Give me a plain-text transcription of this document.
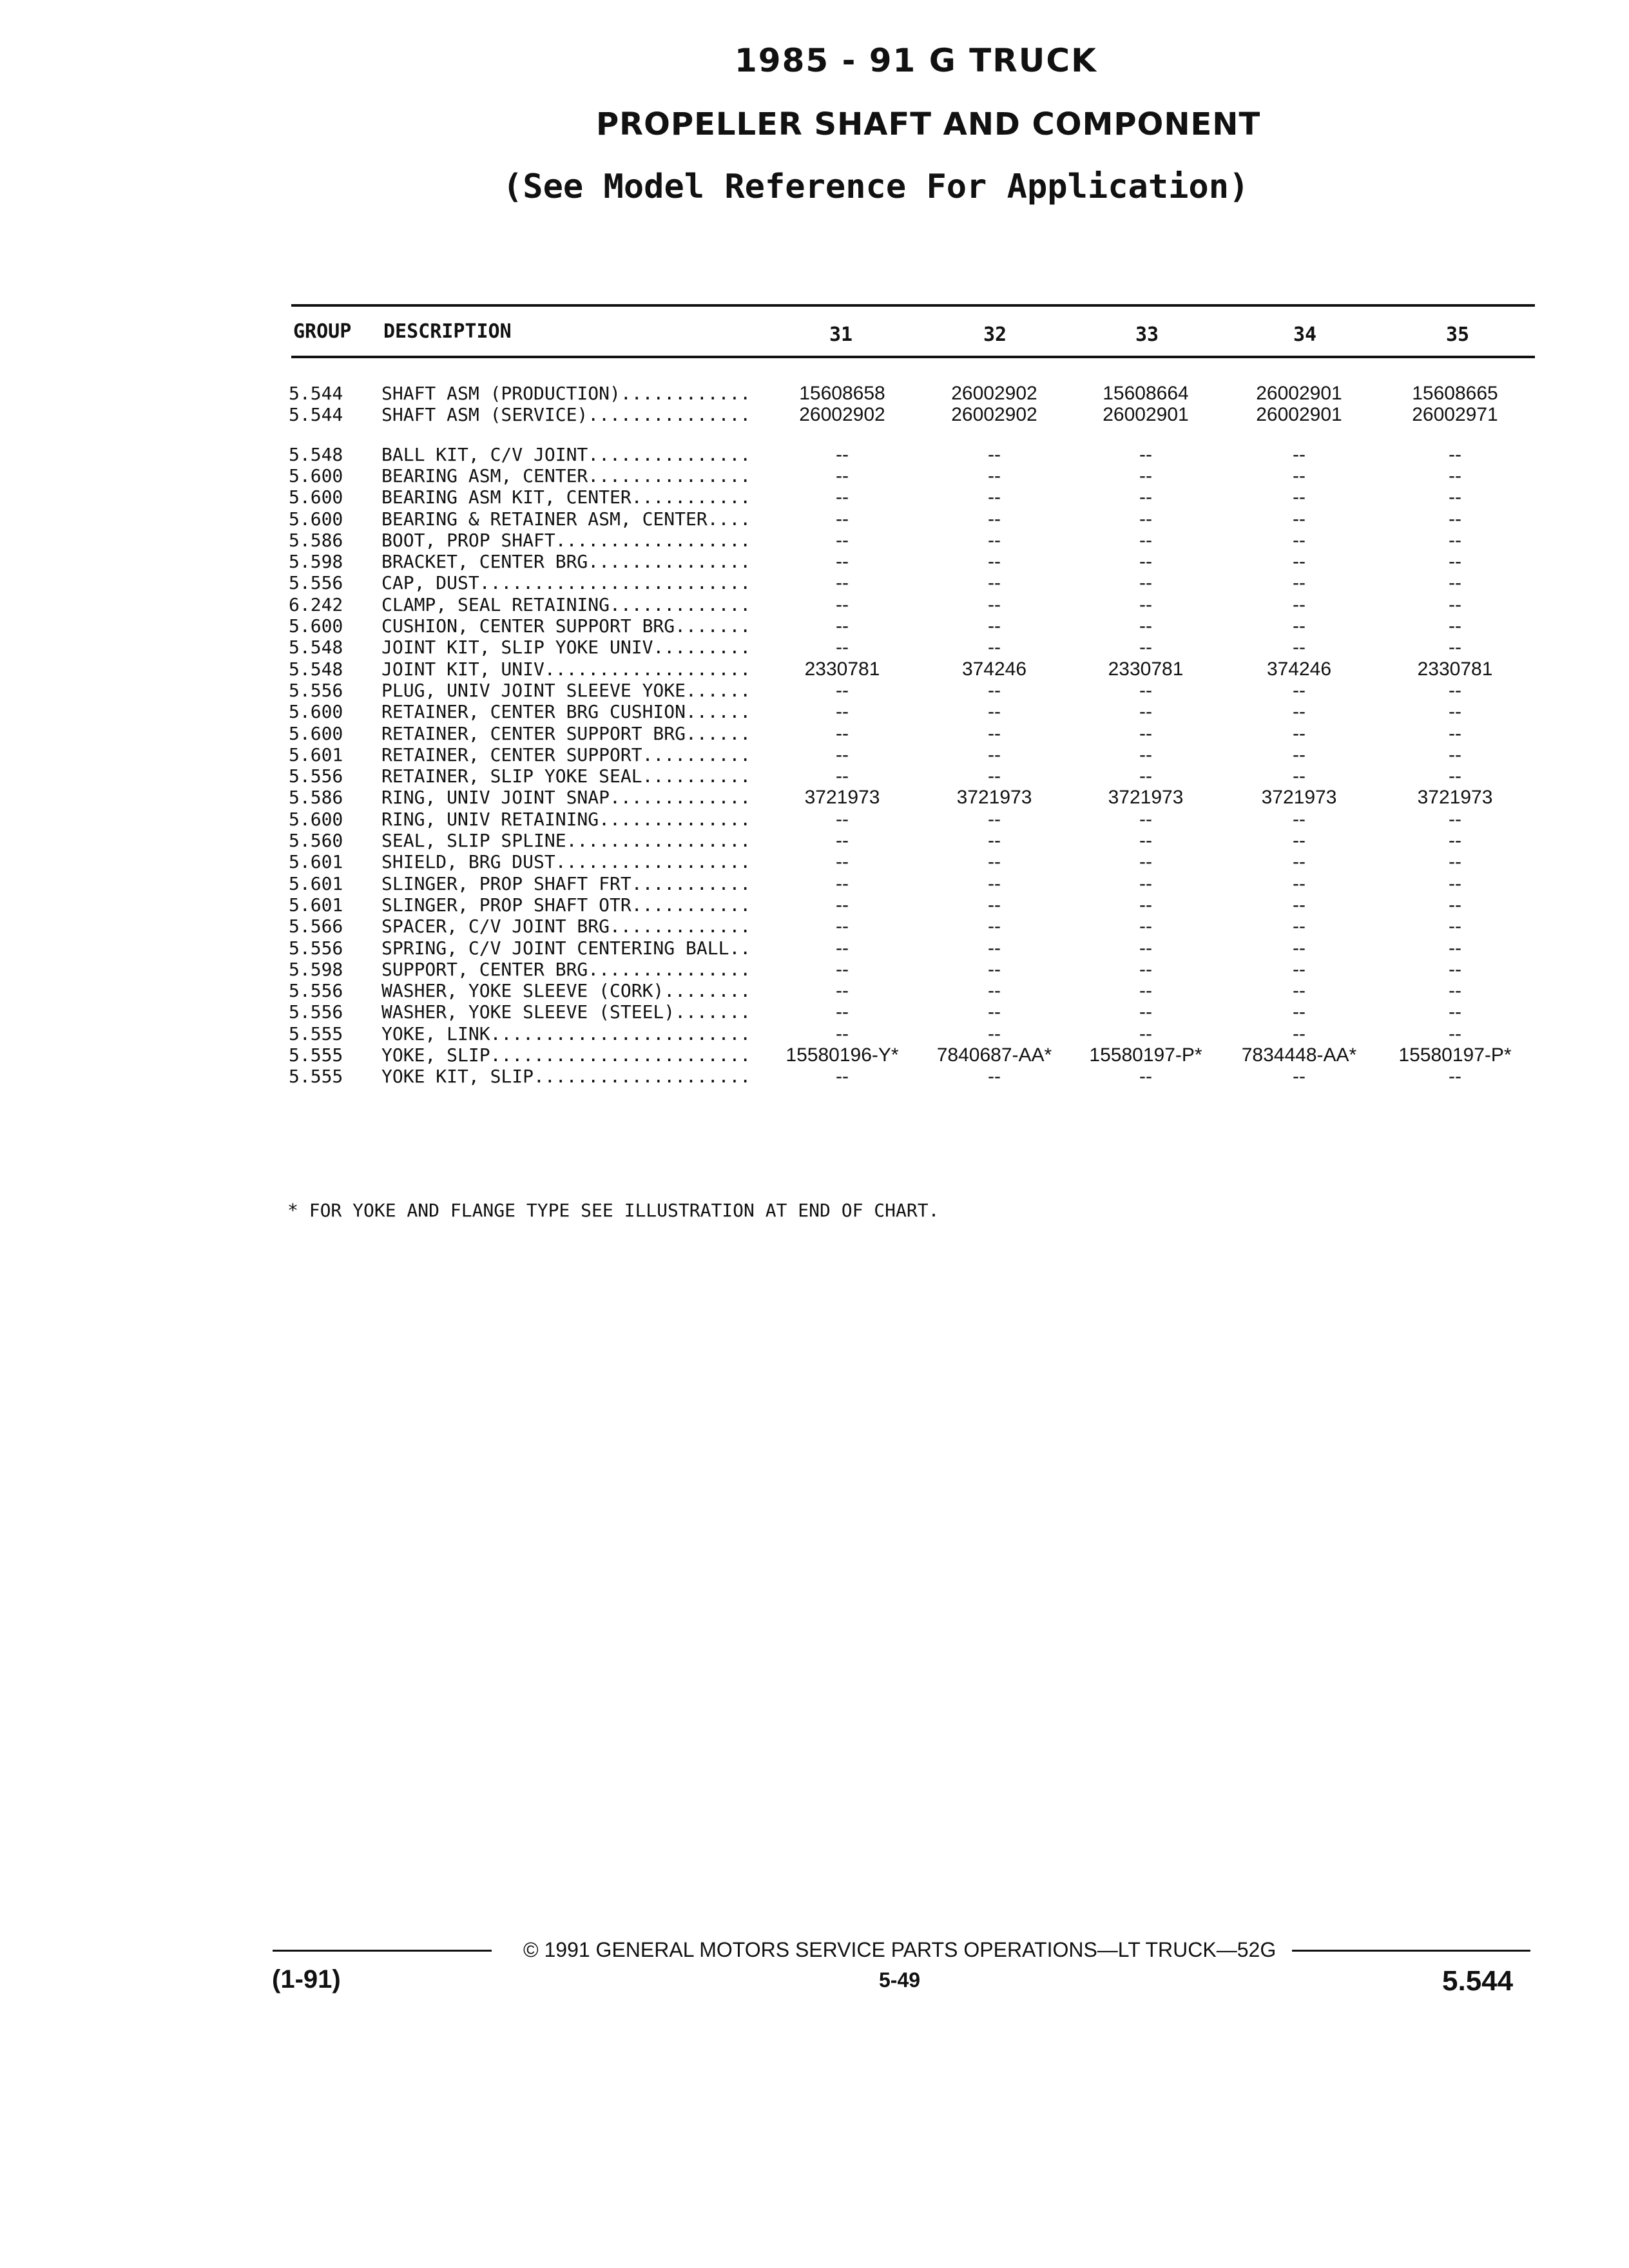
1985 - 91 G TRUCK
PROPELLER SHAFT AND COMPONENT
(See Model Reference For Application)
GROUP DESCRIPTION	31	32	33	34	35
5.544 SHAFT ASM (PRODUCTION)............	15608658	26002902	15608664	26002901	15608665
5.544 SHAFT ASM (SERVICE)...............	26002902	26002902	26002901	26002901	26002971
5.548 BALL KIT, C/V JOINT...............	--	--	--	--	--
5.600 BEARING ASM, CENTER...............	--	--	--	--	--
5.600 BEARING ASM KIT, CENTER...........	--	--	--	--	--
5.600 BEARING & RETAINER ASM, CENTER....	--	--	--	--	--
5.586 BOOT, PROP SHAFT..................	--	--	--	--	--
5.598 BRACKET, CENTER BRG...............	--	--	--	--	--
5.556 CAP, DUST.........................	--	--	--	--	--
6.242 CLAMP, SEAL RETAINING.............	--	--	--	--	--
5.600 CUSHION, CENTER SUPPORT BRG.......	--	--	--	--	--
5.548 JOINT KIT, SLIP YOKE UNIV.........	--	--	--	--	--
5.548 JOINT KIT, UNIV...................	2330781	374246	2330781	374246	2330781
5.556 PLUG, UNIV JOINT SLEEVE YOKE......	--	--	--	--	--
5.600 RETAINER, CENTER BRG CUSHION......	--	--	--	--	--
5.600 RETAINER, CENTER SUPPORT BRG......	--	--	--	--	--
5.601 RETAINER, CENTER SUPPORT..........	--	--	--	--	--
5.556 RETAINER, SLIP YOKE SEAL..........	--	--	--	--	--
5.586 RING, UNIV JOINT SNAP.............	3721973	3721973	3721973	3721973	3721973
5.600 RING, UNIV RETAINING..............	--	--	--	--	--
5.560 SEAL, SLIP SPLINE.................	--	--	--	--	--
5.601 SHIELD, BRG DUST..................	--	--	--	--	--
5.601 SLINGER, PROP SHAFT FRT...........	--	--	--	--	--
5.601 SLINGER, PROP SHAFT OTR...........	--	--	--	--	--
5.566 SPACER, C/V JOINT BRG.............	--	--	--	--	--
5.556 SPRING, C/V JOINT CENTERING BALL..	--	--	--	--	--
5.598 SUPPORT, CENTER BRG...............	--	--	--	--	--
5.556 WASHER, YOKE SLEEVE (CORK)........	--	--	--	--	--
5.556 WASHER, YOKE SLEEVE (STEEL).......	--	--	--	--	--
5.555 YOKE, LINK........................	--	--	--	--	--
5.555 YOKE, SLIP........................	15580196-Y*	7840687-AA*	15580197-P*	7834448-AA*	15580197-P*
5.555 YOKE KIT, SLIP....................	--	--	--	--	--
* FOR YOKE AND FLANGE TYPE SEE ILLUSTRATION AT END OF CHART.
© 1991 GENERAL MOTORS SERVICE PARTS OPERATIONS—LT TRUCK—52G
(1-91)	5-49	5.544
